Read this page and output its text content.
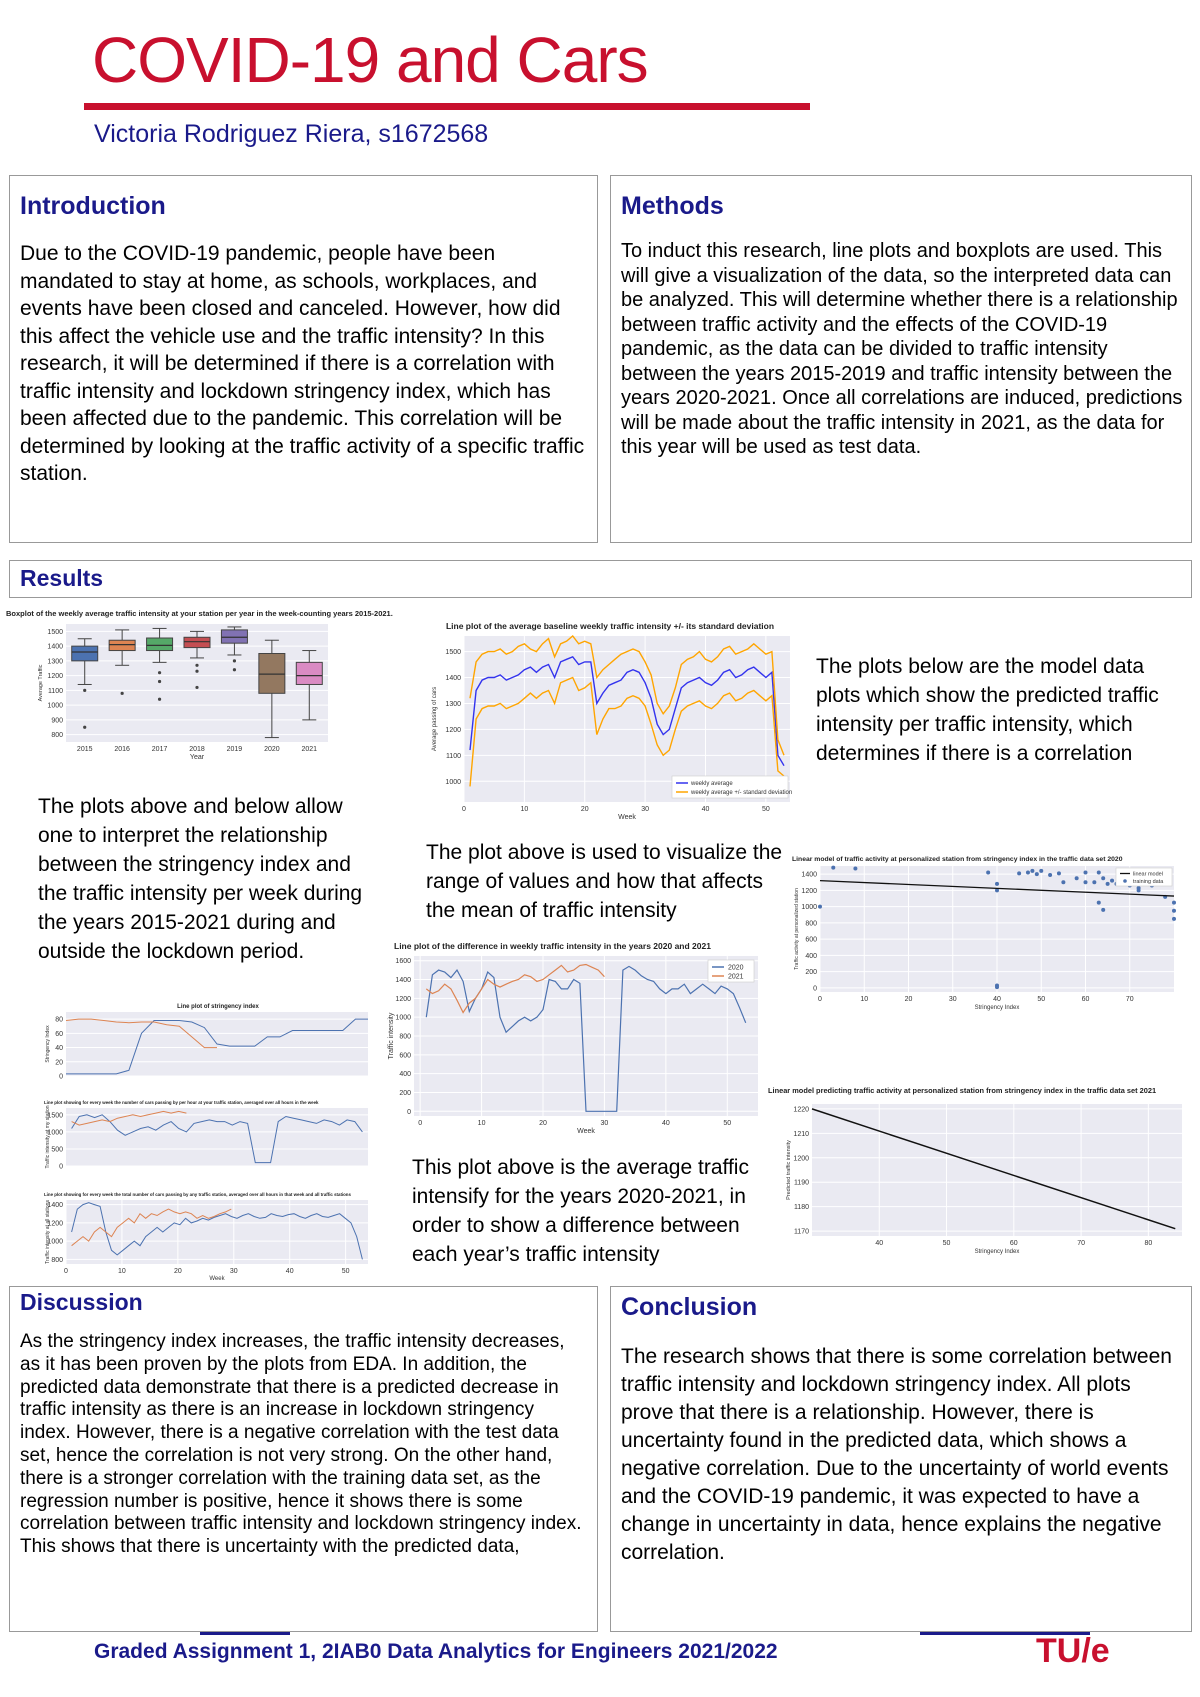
COVID-19 and Cars
Victoria Rodriguez Riera, s1672568
Introduction

Due to the COVID-19 pandemic, people have been mandated to stay at home, as schools, workplaces, and events have been closed and canceled. However, how did this affect the vehicle use and the traffic intensity? In this research, it will be determined if there is a correlation with traffic intensity and lockdown stringency index, which has been affected due to the pandemic. This correlation will be determined by looking at the traffic activity of a specific traffic station.

Methods

To induct this research, line plots and boxplots are used. This will give a visualization of the data, so the interpreted data can be analyzed. This will determine whether there is a relationship between traffic activity and the effects of the COVID-19 pandemic, as the data can be divided to traffic intensity between the years 2015-2019 and traffic intensity between the years 2020-2021. Once all correlations are induced, predictions will be made about the traffic intensity in 2021, as the data for this year will be used as test data.

Results
Boxplot of the weekly average traffic intensity at your station per year in the week-counting years 2015-2021.
800
900
1000
1100
1200
1300
1400
1500
2015	2016	2017	2018	2019	2020	2021
Year
Average Traffic
Line plot of the average baseline weekly traffic intensity +/- its standard deviation
1000
1100
1200
1300
1400
1500
0	10	20	30	40	50
Week
Average passing of cars
weekly average
weekly average +/- standard deviation
The plots below are the model data plots which show the predicted traffic intensity per traffic intensity, which determines if there is a correlation
The plots above and below allow one to interpret the relationship between the stringency index and the traffic intensity per week during the years 2015-2021 during and outside the lockdown period.
The plot above is used to visualize the range of values and how that affects the mean of traffic intensity
Linear model of traffic activity at personalized station from stringency index in the traffic data set 2020
0
200
400
600
800
1000
1200
1400
0	10	20	30	40	50	60	70
Stringency Index
Traffic activity at personalized station
linear model
training data
Line plot of the difference in weekly traffic intensity in the years 2020 and 2021
0
200
400
600
800
1000
1200
1400
1600
0	10	20	30	40	50
Week
Traffic intensity
2020
2021
Line plot of stringency index
0
20
40
60
80
Stringency Index
Line plot showing for every week the number of cars passing by per hour at your traffic station, averaged over all hours in the week
0
500
1000
1500
Traffic intensity at my station
Line plot showing for every week the total number of cars passing by any traffic station, averaged over all hours in that week and all traffic stations
800
1000
1200
1400
0	10	20	30	40	50
Traffic intensity at all stations
Week
Linear model predicting traffic activity at personalized station from stringency index in the traffic data set 2021
1170
1180
1190
1200
1210
1220
40	50	60	70	80
Stringency Index
Predicted traffic intensity
This plot above is the average traffic intensify for the years 2020-2021, in order to show a difference between each year’s traffic intensity
Discussion

As the stringency index increases, the traffic intensity decreases, as it has been proven by the plots from EDA. In addition, the predicted data demonstrate that there is a predicted decrease in traffic intensity as there is an increase in lockdown stringency index. However, there is a negative correlation with the test data set, hence the correlation is not very strong. On the other hand, there is a stronger correlation with the training data set, as the regression number is positive, hence it shows there is some correlation between traffic intensity and lockdown stringency index. This shows that there is uncertainty with the predicted data,

Conclusion

The research shows that there is some correlation between traffic intensity and lockdown stringency index. All plots prove that there is a relationship. However, there is uncertainty found in the predicted data, which shows a negative correlation. Due to the uncertainty of world events and the COVID-19 pandemic, it was expected to have a change in uncertainty in data, hence explains the negative correlation.

Graded Assignment 1, 2IAB0 Data Analytics for Engineers 2021/2022	TU/e
